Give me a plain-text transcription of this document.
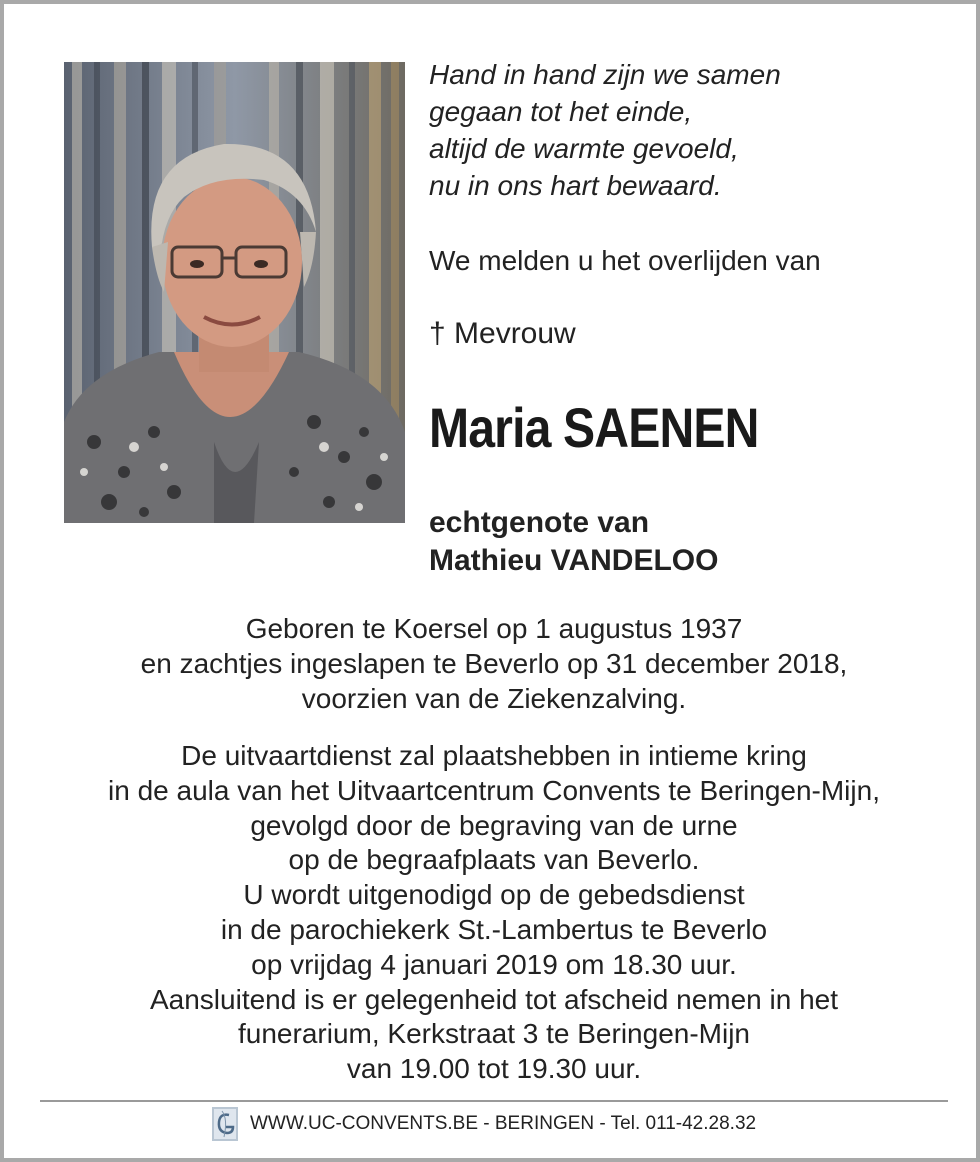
Hand in hand zijn we samen
gegaan tot het einde,
altijd de warmte gevoeld,
nu in ons hart bewaard.
We melden u het overlijden van
† Mevrouw
Maria SAENEN
echtgenote van
Mathieu VANDELOO
Geboren te Koersel op 1 augustus 1937
en zachtjes ingeslapen te Beverlo op 31 december 2018,
voorzien van de Ziekenzalving.
De uitvaartdienst zal plaatshebben in intieme kring
in de aula van het Uitvaartcentrum Convents te Beringen-Mijn,
gevolgd door de begraving van de urne
op de begraafplaats van Beverlo.
U wordt uitgenodigd op de gebedsdienst
in de parochiekerk St.-Lambertus te Beverlo
op vrijdag 4 januari 2019 om 18.30 uur.
Aansluitend is er gelegenheid tot afscheid nemen in het
funerarium, Kerkstraat 3 te Beringen-Mijn
van 19.00 tot 19.30 uur.
WWW.UC-CONVENTS.BE - BERINGEN - Tel. 011-42.28.32
